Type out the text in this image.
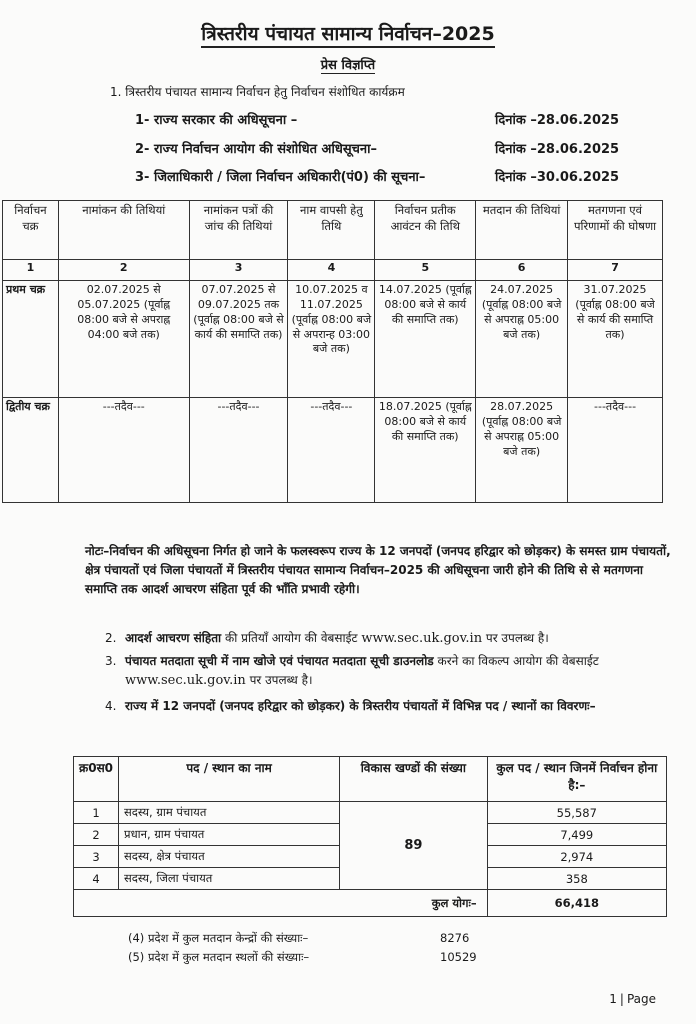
त्रिस्तरीय पंचायत सामान्य निर्वाचन–2025
प्रेस विज्ञप्ति
1. त्रिस्तरीय पंचायत सामान्य निर्वाचन हेतु निर्वाचन संशोधित कार्यक्रम
1- राज्य सरकार की अधिसूचना –	दिनांक –28.06.2025
2- राज्य निर्वाचन आयोग की संशोधित अधिसूचना–	दिनांक –28.06.2025
3- जिलाधिकारी / जिला निर्वाचन अधिकारी(पं0) की सूचना–	दिनांक –30.06.2025
निर्वाचन चक्र	नामांकन की तिथियां	नामांकन पत्रों की जांच की तिथियां	नाम वापसी हेतु तिथि	निर्वाचन प्रतीक आवंटन की तिथि	मतदान की तिथियां	मतगणना एवं परिणामों की घोषणा
1	2	3	4	5	6	7
प्रथम चक्र	02.07.2025 से 05.07.2025 (पूर्वाह्न 08:00 बजे से अपराह्न 04:00 बजे तक)	07.07.2025 से 09.07.2025 तक (पूर्वाह्न 08:00 बजे से कार्य की समाप्ति तक)	10.07.2025 व 11.07.2025 (पूर्वाह्न 08:00 बजे से अपरान्ह 03:00 बजे तक)	14.07.2025 (पूर्वाह्न 08:00 बजे से कार्य की समाप्ति तक)	24.07.2025 (पूर्वाह्न 08:00 बजे से अपराह्न 05:00 बजे तक)	31.07.2025 (पूर्वाह्न 08:00 बजे से कार्य की समाप्ति तक)
द्वितीय चक्र	---तदैव---	---तदैव---	---तदैव---	18.07.2025 (पूर्वाह्न 08:00 बजे से कार्य की समाप्ति तक)	28.07.2025 (पूर्वाह्न 08:00 बजे से अपराह्न 05:00 बजे तक)	---तदैव---
नोटः–निर्वाचन की अधिसूचना निर्गत हो जाने के फलस्वरूप राज्य के 12 जनपदों (जनपद हरिद्वार को छोड़कर) के समस्त ग्राम पंचायतों, क्षेत्र पंचायतों एवं जिला पंचायतों में त्रिस्तरीय पंचायत सामान्य निर्वाचन–2025 की अधिसूचना जारी होने की तिथि से से मतगणना समाप्ति तक आदर्श आचरण संहिता पूर्व की भाँति प्रभावी रहेगी।
2. आदर्श आचरण संहिता की प्रतियाँ आयोग की वेबसाईट www.sec.uk.gov.in पर उपलब्ध है।
3. पंचायत मतदाता सूची में नाम खोजे एवं पंचायत मतदाता सूची डाउनलोड करने का विकल्प आयोग की वेबसाईट www.sec.uk.gov.in पर उपलब्ध है।
4. राज्य में 12 जनपदों (जनपद हरिद्वार को छोड़कर) के त्रिस्तरीय पंचायतों में विभिन्न पद / स्थानों का विवरणः–
क्र0स0	पद / स्थान का नाम	विकास खण्डों की संख्या	कुल पद / स्थान जिनमें निर्वाचन होना है:–
1	सदस्य, ग्राम पंचायत	89	55,587
2	प्रधान, ग्राम पंचायत		7,499
3	सदस्य, क्षेत्र पंचायत		2,974
4	सदस्य, जिला पंचायत		358
कुल योगः–			66,418
(4) प्रदेश में कुल मतदान केन्द्रों की संख्याः–	8276
(5) प्रदेश में कुल मतदान स्थलों की संख्याः–	10529
1 | Page
